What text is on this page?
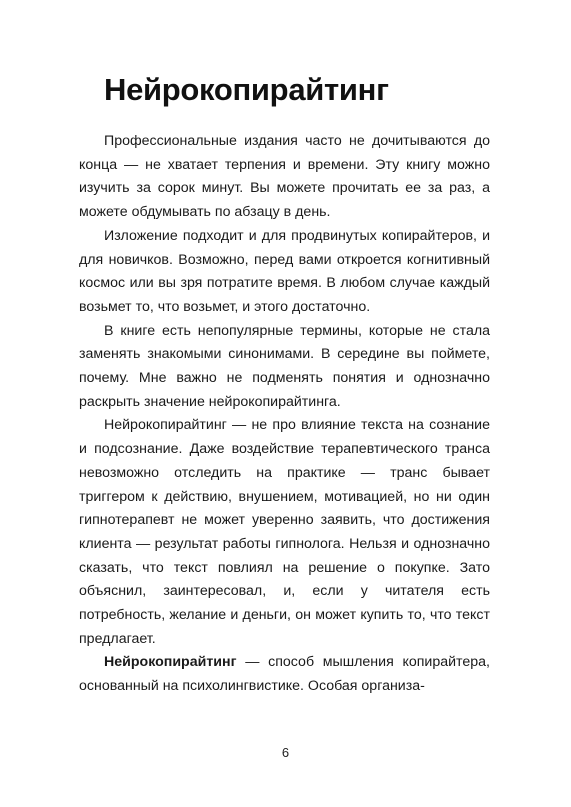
Нейрокопирайтинг

Профессиональные издания часто не дочитываются до конца — не хватает терпения и времени. Эту книгу можно изучить за сорок минут. Вы можете прочитать ее за раз, а можете обдумывать по абзацу в день.

Изложение подходит и для продвинутых копирайтеров, и для новичков. Возможно, перед вами откроется когнитивный космос или вы зря потратите время. В любом случае каждый возьмет то, что возьмет, и этого достаточно.

В книге есть непопулярные термины, которые не стала заменять знакомыми синонимами. В середине вы поймете, почему. Мне важно не подменять понятия и однозначно раскрыть значение нейрокопирайтинга.

Нейрокопирайтинг — не про влияние текста на сознание и подсознание. Даже воздействие терапевтического транса невозможно отследить на практике — транс бывает триггером к действию, внушением, мотивацией, но ни один гипнотерапевт не может уверенно заявить, что достижения клиента — результат работы гипнолога. Нельзя и однозначно сказать, что текст повлиял на решение о покупке. Зато объяснил, заинтересовал, и, если у читателя есть потребность, желание и деньги, он может купить то, что текст предлагает.

Нейрокопирайтинг — способ мышления копирайтера, основанный на психолингвистике. Особая организа-

6
